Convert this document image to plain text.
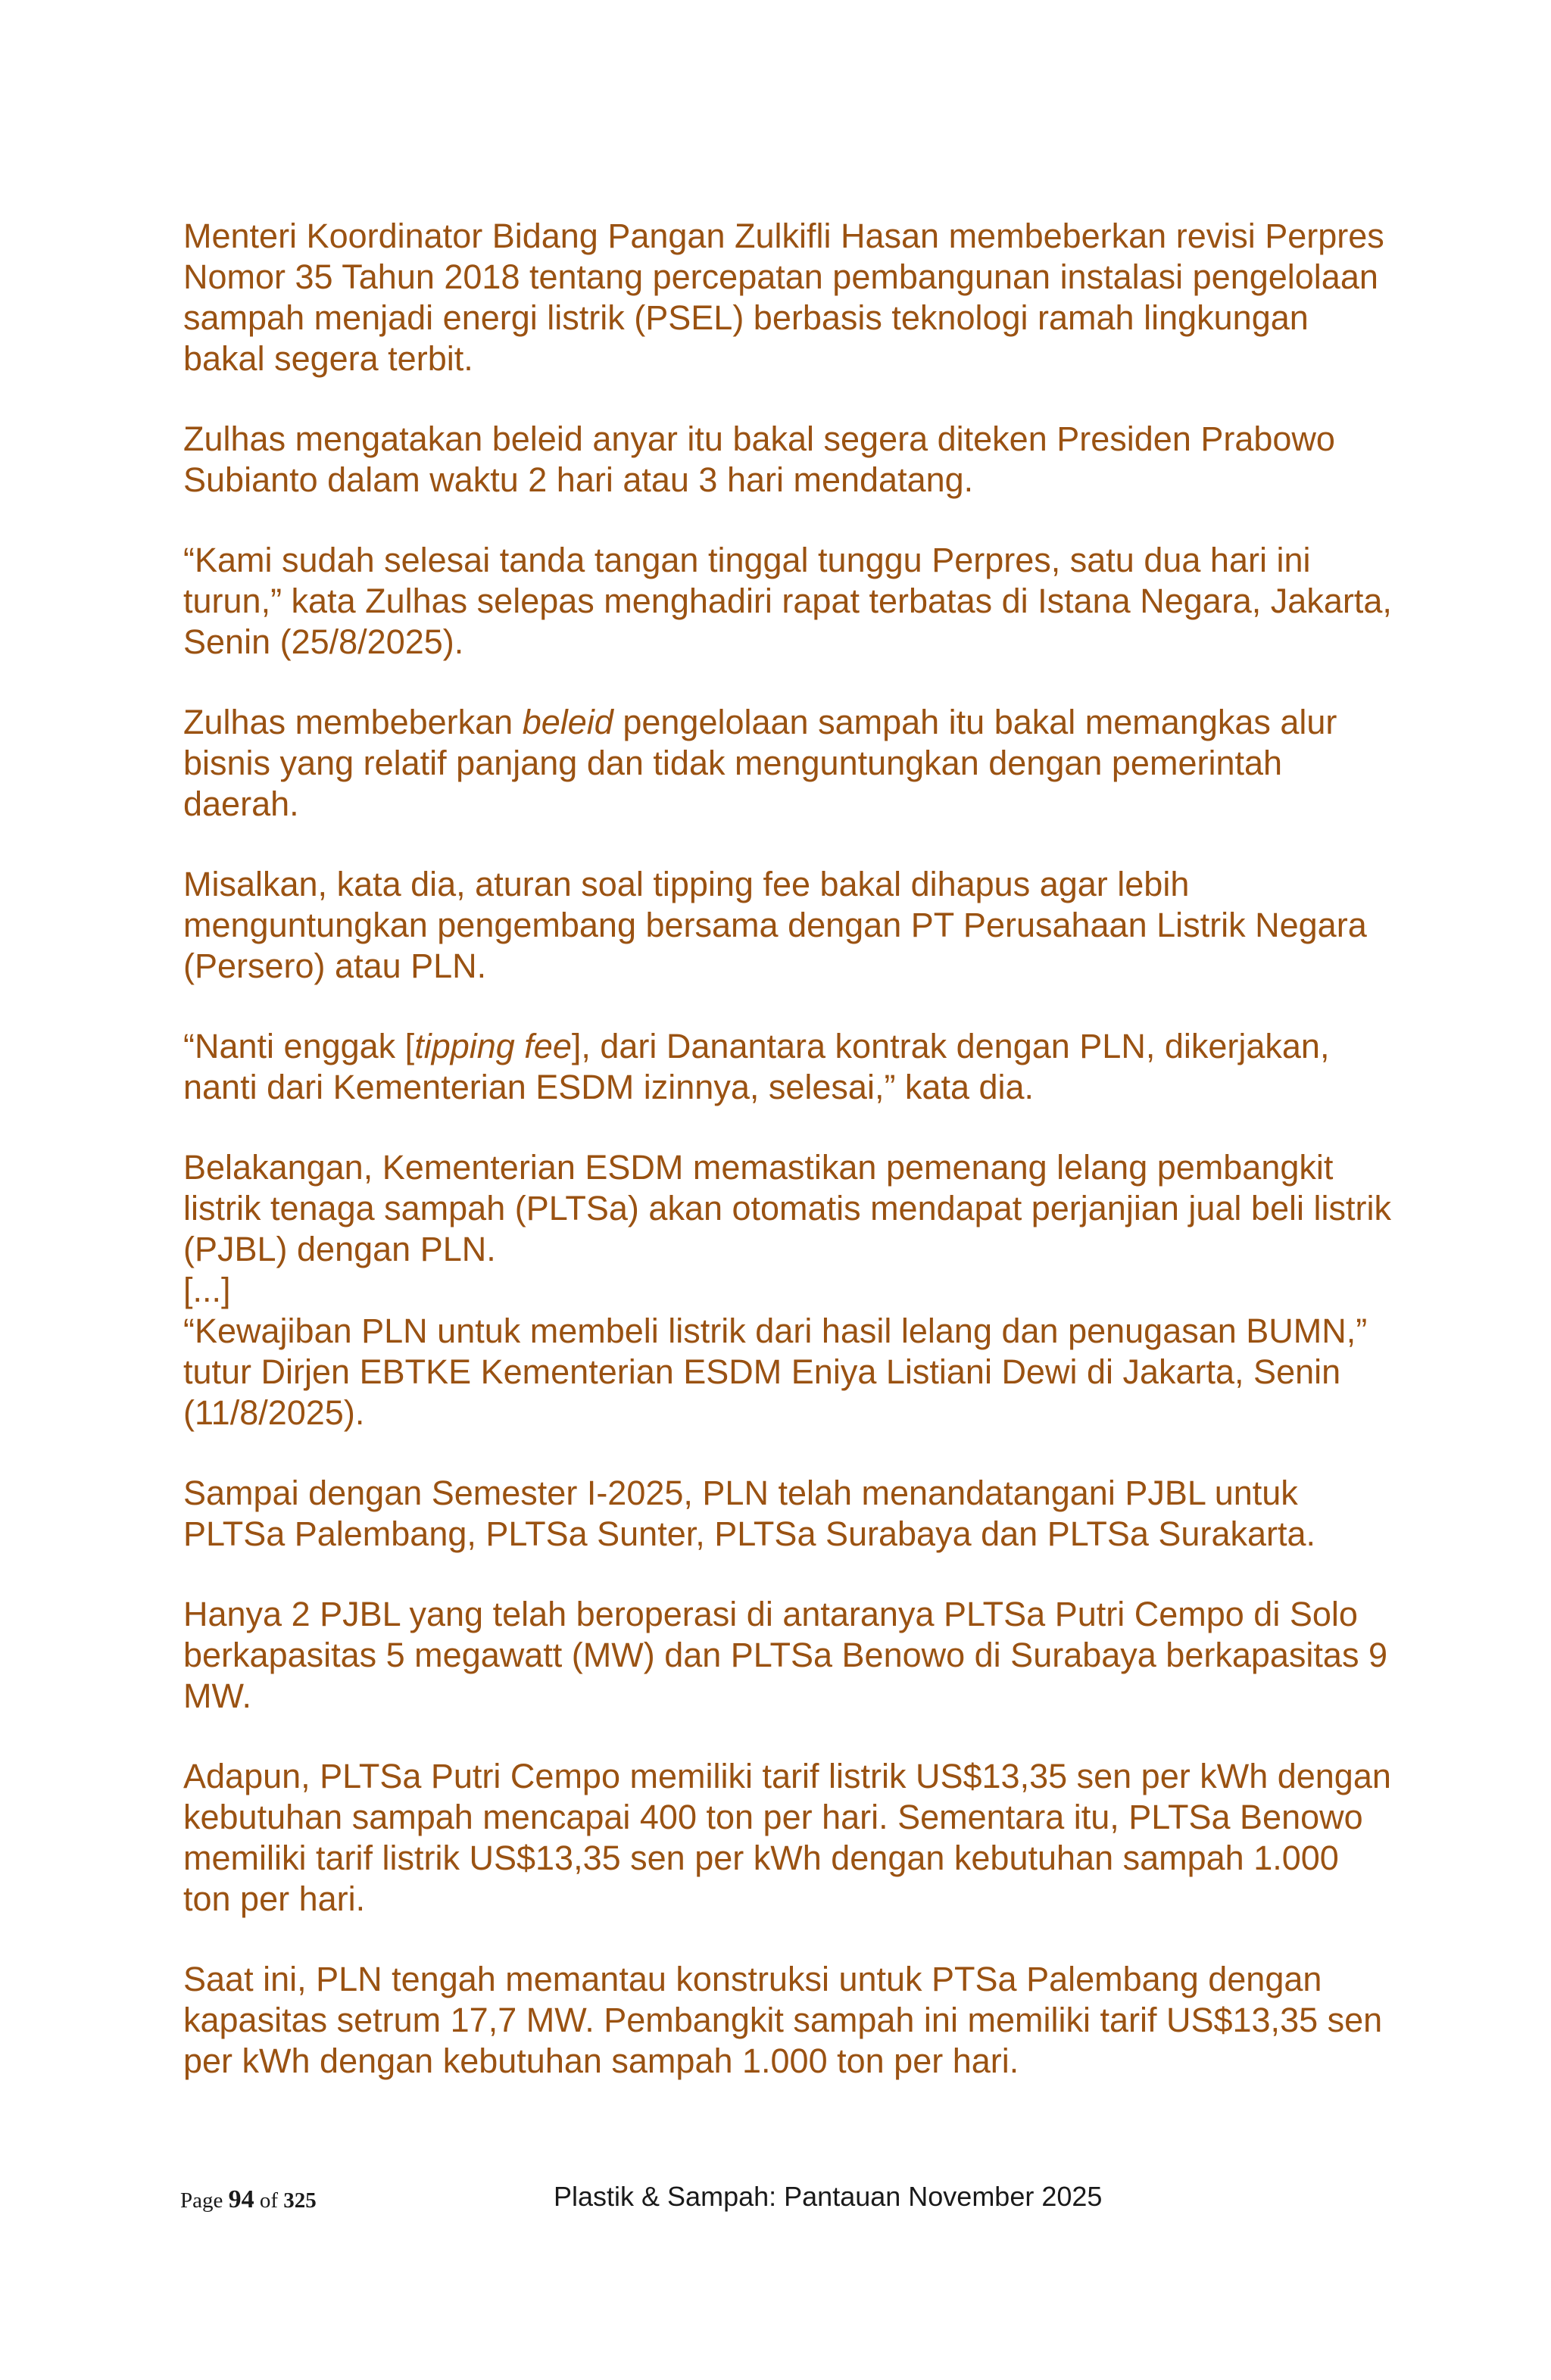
Menteri Koordinator Bidang Pangan Zulkifli Hasan membeberkan revisi Perpres Nomor 35 Tahun 2018 tentang percepatan pembangunan instalasi pengelolaan sampah menjadi energi listrik (PSEL) berbasis teknologi ramah lingkungan bakal segera terbit.

Zulhas mengatakan beleid anyar itu bakal segera diteken Presiden Prabowo Subianto dalam waktu 2 hari atau 3 hari mendatang.

“Kami sudah selesai tanda tangan tinggal tunggu Perpres, satu dua hari ini turun,” kata Zulhas selepas menghadiri rapat terbatas di Istana Negara, Jakarta, Senin (25/8/2025).

Zulhas membeberkan beleid pengelolaan sampah itu bakal memangkas alur bisnis yang relatif panjang dan tidak menguntungkan dengan pemerintah daerah.

Misalkan, kata dia, aturan soal tipping fee bakal dihapus agar lebih menguntungkan pengembang bersama dengan PT Perusahaan Listrik Negara (Persero) atau PLN.

“Nanti enggak [tipping fee], dari Danantara kontrak dengan PLN, dikerjakan, nanti dari Kementerian ESDM izinnya, selesai,” kata dia.

Belakangan, Kementerian ESDM memastikan pemenang lelang pembangkit listrik tenaga sampah (PLTSa) akan otomatis mendapat perjanjian jual beli listrik (PJBL) dengan PLN.
[...]
“Kewajiban PLN untuk membeli listrik dari hasil lelang dan penugasan BUMN,” tutur Dirjen EBTKE Kementerian ESDM Eniya Listiani Dewi di Jakarta, Senin (11/8/2025).

Sampai dengan Semester I-2025, PLN telah menandatangani PJBL untuk PLTSa Palembang, PLTSa Sunter, PLTSa Surabaya dan PLTSa Surakarta.

Hanya 2 PJBL yang telah beroperasi di antaranya PLTSa Putri Cempo di Solo berkapasitas 5 megawatt (MW) dan PLTSa Benowo di Surabaya berkapasitas 9 MW.

Adapun, PLTSa Putri Cempo memiliki tarif listrik US$13,35 sen per kWh dengan kebutuhan sampah mencapai 400 ton per hari. Sementara itu, PLTSa Benowo memiliki tarif listrik US$13,35 sen per kWh dengan kebutuhan sampah 1.000 ton per hari.

Saat ini, PLN tengah memantau konstruksi untuk PTSa Palembang dengan kapasitas setrum 17,7 MW. Pembangkit sampah ini memiliki tarif US$13,35 sen per kWh dengan kebutuhan sampah 1.000 ton per hari.

Page 94 of 325	Plastik & Sampah: Pantauan November 2025
